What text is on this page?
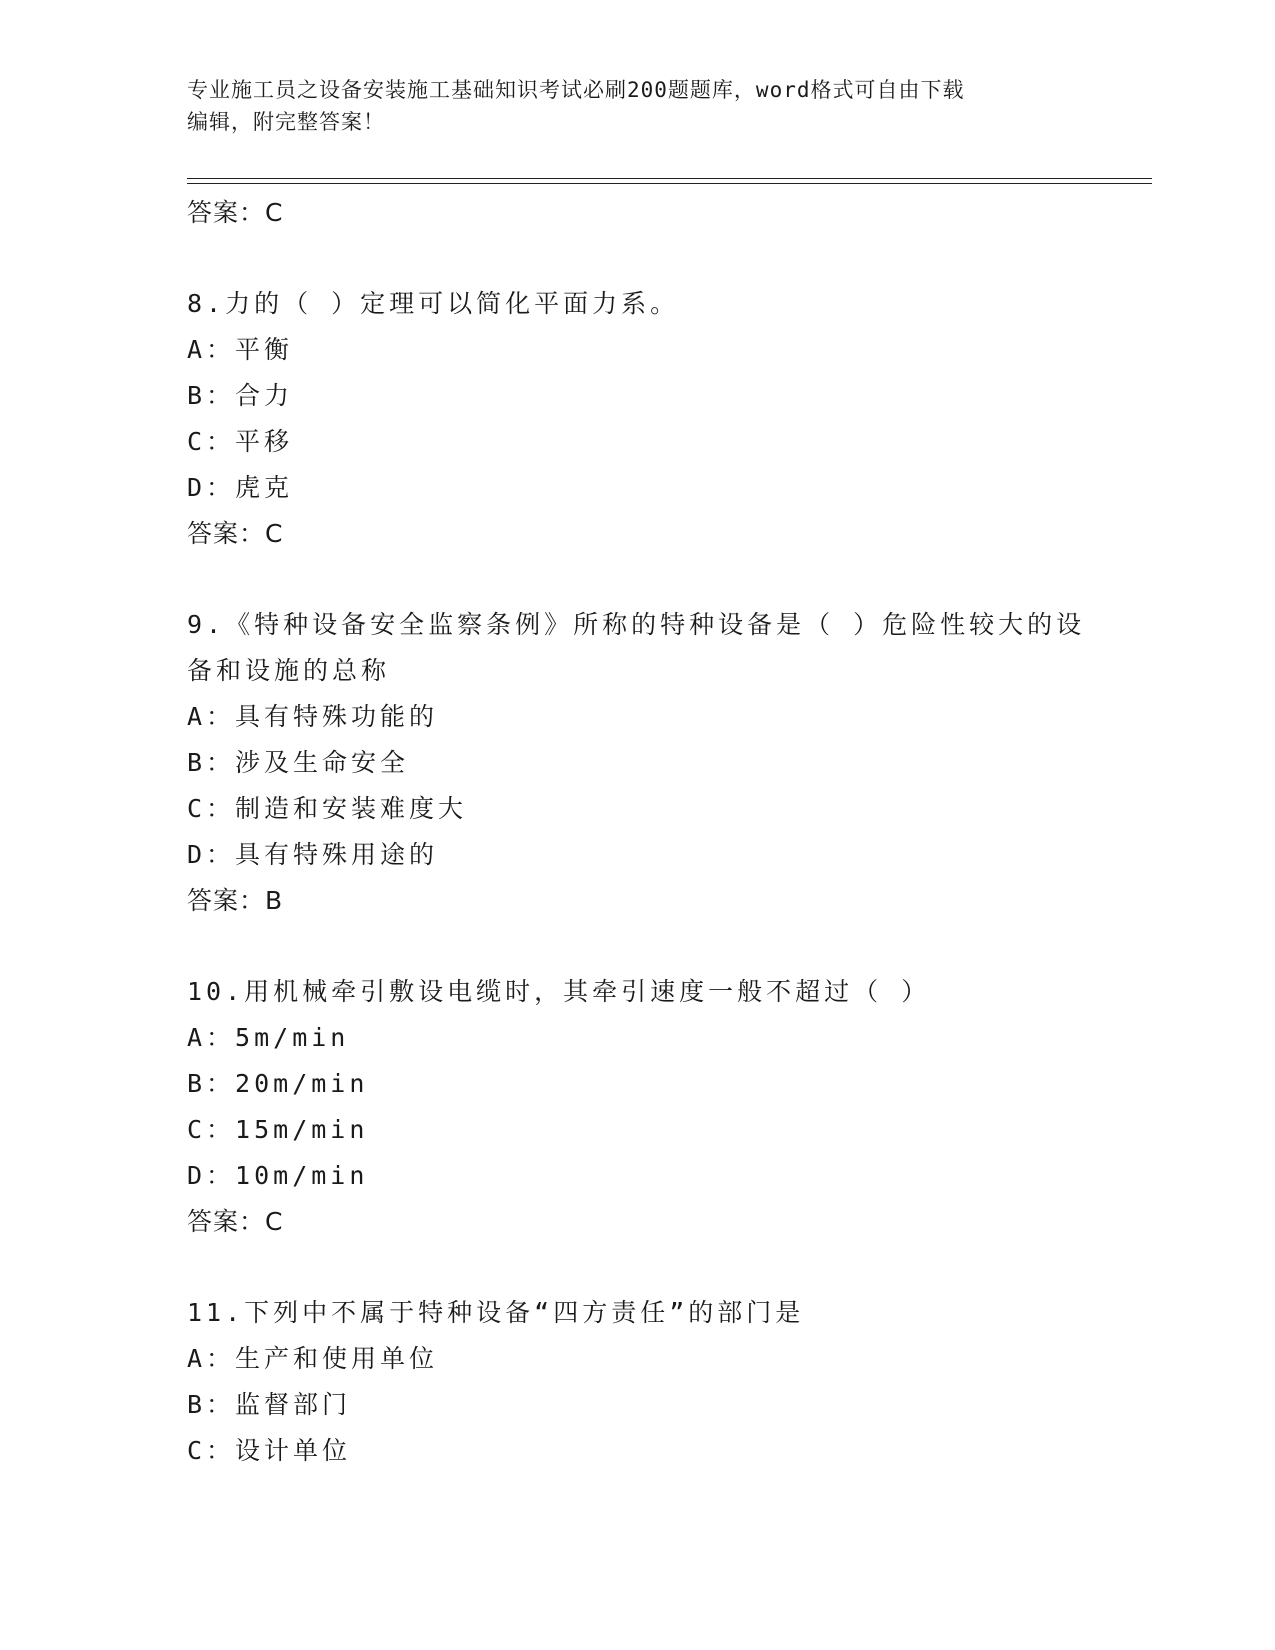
专业施工员之设备安装施工基础知识考试必刷200题题库，word格式可自由下载
编辑，附完整答案！
答案：C
8.力的（ ）定理可以简化平面力系。
A：平衡
B：合力
C：平移
D：虎克
答案：C
9.《特种设备安全监察条例》所称的特种设备是（ ）危险性较大的设
备和设施的总称
A：具有特殊功能的
B：涉及生命安全
C：制造和安装难度大
D：具有特殊用途的
答案：B
10.用机械牵引敷设电缆时，其牵引速度一般不超过（ ）
A：5m/min
B：20m/min
C：15m/min
D：10m/min
答案：C
11.下列中不属于特种设备“四方责任”的部门是
A：生产和使用单位
B：监督部门
C：设计单位
